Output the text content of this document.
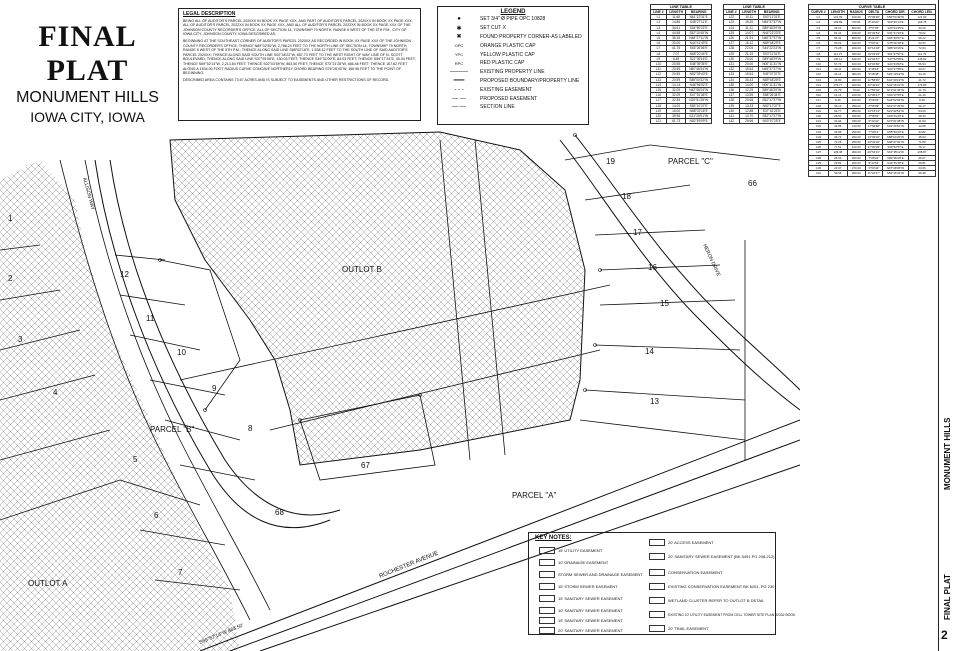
FINAL PLAT
MONUMENT HILLS
IOWA CITY, IOWA
LEGAL DESCRIPTION
BEING ALL OF AUDITOR'S PARCEL 2020XX IN BOOK XX PAGE XXX, AND PART OF AUDITOR'S PARCEL 2020XX IN BOOK XX PAGE XXX, ALL OF AUDITOR'S PARCEL 2022XX IN BOOK XX PAGE XXX, AND ALL OF AUDITOR'S PARCEL 2022XX IN BOOK XX PAGE XXX OF THE JOHNSON COUNTY RECORDER'S OFFICE, ALL OF SECTION 14, TOWNSHIP 79 NORTH, RANGE 6 WEST OF THE 5TH P.M., CITY OF IOWA CITY, JOHNSON COUNTY, IOWA DESCRIBED AS:
BEGINNING AT THE SOUTHEAST CORNER OF AUDITOR'S PARCEL 2020XX AS RECORDED IN BOOK XX PAGE XXX OF THE JOHNSON COUNTY RECORDER'S OFFICE; THENCE N89°02'55"W, 2,788.24 FEET TO THE NORTH LINE OF SECTION 14, TOWNSHIP 79 NORTH, RANGE 6 WEST OF THE 5TH P.M.; THENCE ALONG SAID LINE S88°02'16"E, 1,538.12 FEET TO THE SOUTH LINE OF SAID AUDITOR'S PARCEL 2020XX; THENCE ALONG SAID SOUTH LINE S02°48'22"W, 857.73 FEET TO THE WEST RIGHT OF WAY LINE OF N. SCOTT BOULEVARD; THENCE ALONG SAID LINE S37°05'06"E, 130.03 FEET; THENCE S49°31'09"E, 84.03 FEET; THENCE S59°17'34"E, 40.04 FEET; THENCE S69°52'14"W, 2,213.84 FEET; THENCE S02°03'59"W, 863.50 FEET; THENCE S73°21'28"W, 466.46 FEET; THENCE 167.62 FEET ALONG A 1534.00 FOOT RADIUS CURVE CONCAVE NORTHERLY CHORD BEARING S76°28'40"W, 166.96 FEET TO THE POINT OF BEGINNING.
DESCRIBED AREA CONTAINS 73.67 ACRES AND IS SUBJECT TO EASEMENTS AND OTHER RESTRICTIONS OF RECORD.
LEGEND
●	SET 3/4" Ø PIPE OPC 10828
✱	SET CUT X
✖	FOUND PROPERTY CORNER-AS LABELED
OPC	ORANGE PLASTIC CAP
YPC	YELLOW PLASTIC CAP
RPC	RED PLASTIC CAP
———	EXISTING PROPERTY LINE
━━━	PROPOSED BOUNDARY/PROPERTY LINE
- - -	EXISTING EASEMENT
— —	PROPOSED EASEMENT
—·—	SECTION LINE
LINE TABLE
LINE #	LENGTH	BEARING
L1	11.68	N61°22'31"E
L2	14.86	S48°27'11"E
L3	34.61	S04°50'22"E
L4	44.58	S52°10'45"W
L5	35.15	N48°27'11"W
L6	30.00	N44°41'49"E
L7	41.75	S63°26'06"E
L8	7.07	N68°20'44"E
L9	8.48	S21°39'16"E
L10	20.55	S48°39'35"E
L11	20.55	N50°46'54"W
L12	20.59	N52°39'40"E
L13	20.59	S88°00'32"W
L14	14.14	N46°56'52"E
L15	32.09	N42°08'24"W
L16	32.09	S47°51'36"E
L17	32.55	N25°51'28"W
L18	14.00	S83°10'37"E
L19	10.00	N88°02'16"E
L20	39.96	S31°26'01"W
L21	61.73	N82°59'09"E
LINE TABLE
LINE #	LENGTH	BEARING
L22	10.11	S00°11'31"E
L23	19.20	N45°37'37"W
L24	11.11	S89°48'29"W
L25	14.07	N44°22'23"E
L26	21.91	N45°37'37"W
L27	16.12	N89°48'29"E
L28	22.05	S44°22'23"W
L29	21.15	S00°11'31"E
L30	20.00	S89°48'29"W
L31	20.00	N00°11'31"W
L32	15.54	N45°37'37"W
L33	15.54	S45°37'37"E
L34	35.43	N89°48'29"E
L35	14.00	N00°11'31"W
L36	12.29	S89°48'29"W
L37	13.95	S58°26'34"E
L38	20.68	S52°17'37"W
L39	13.23	N52°17'37"E
L40	12.88	S37°42'23"E
L41	14.70	S52°17'37"W
L42	29.66	N00°47'25"E
CURVE TABLE
CURVE #	LENGTH	RADIUS	DELTA	CHORD DIR.	CHORD LEN.
C1	131.09	100.00	75°06'30"	S56°54'49"W	121.93
C2	109.89	720.51	8°44'20"	S09°40'14"E	109.78
C3	43.21	500.00	4°57'05"	S20°13'35"E	43.20
C4	81.24	100.00	46°32'54"	N31°41'36"E	79.02
C5	96.31	660.00	8°21'37"	N66°49'57"E	96.22
C6	60.24	440.00	7°50'41"	N75°00'48"E	60.20
C7	73.28	160.00	26°14'18"	S85°18'16"E	72.64
C8	112.27	330.00	19°29'33"	S61°47'57"E	111.73
C9	146.13	640.00	13°04'57"	S47°52'58"E	145.82
C10	57.74	100.00	33°04'56"	S24°43'52"E	56.94
C11	34.11	200.00	9°46'18"	S03°17'58"E	34.07
C12	34.14	380.00	5°08'48"	S02°10'19"W	34.13
C13	41.80	200.00	11°58'29"	S10°30'19"W	41.72
C14	179.77	220.00	46°49'10"	S42°16'31"W	174.83
C15	21.79	70.00	17°50'02"	N71°41'49"W	21.70
C16	21.14	100.00	12°06'47"	N64°07'55"E	21.10
C17	8.45	100.00	4°50'33"	S34°52'06"W	8.45
C18	30.19	250.00	6°55'09"	N01°37'25"W	30.17
C19	64.77	280.00	13°15'13"	S21°42'52"W	64.63
C20	28.50	330.00	4°56'53"	N09°31'43"E	28.49
C21	31.94	330.00	5°32'41"	S37°01'38"W	31.93
C22	43.86	140.00	17°56'58"	S19°49'51"W	43.68
C23	34.85	250.00	7°59'13"	N55°53'10"E	34.82
C24	45.73	200.00	13°06'04"	S88°04'20"W	45.63
C25	72.28	200.00	20°42'20"	S68°37'30"W	71.89
C26	77.51	120.00	37°00'39"	S36°52'57"E	76.17
C27	109.48	300.00	20°54'31"	S61°35'11"W	108.87
C28	26.09	200.00	7°28'24"	N83°05'29"E	26.07
C29	29.84	200.00	8°32'54"	N44°45'48"E	29.81
C30	23.07	270.00	4°53'44"	N07°48'05"W	23.06
C31	59.58	300.00	11°22'47"	S54°15'42"W	59.48
1
2
3
4
5
6
7
8
9
10
11
12
13
14
15
16
17
18
19
66
67
68
OUTLOT B
OUTLOT A
PARCEL "A"
PARCEL "B"
PARCEL "C"
ROCHESTER AVENUE
ALLISON WAY
HERON DRIVE
S69°52'14"W 863.50'
KEY NOTES:
15' UTILITY EASEMENT
10' DRAINAGE EASEMENT
STORM SEWER AND DRAINAGE EASEMENT
15' STORM SEWER EASEMENT
15' SANITARY SEWER EASEMENT
10' SANITARY SEWER EASEMENT
15' SANITARY SEWER EASEMENT
20' SANITARY SEWER EASEMENT
20' ACCESS EASEMENT
20' SANITARY SEWER EASEMENT (BK 5491 PG 208-212)
CONSERVATION EASEMENT
EXISTING CONSERVATION EASEMENT BK 6251, PG 230
WETLAND CLUSTER REFER TO OUTLOT B DETAIL
EXISTING 10' UTILITY EASEMENT FROM CELL TOWER SITE PLAN 92332 BOOK
20' TRAIL EASEMENT
MONUMENT HILLS
FINAL PLAT
2
